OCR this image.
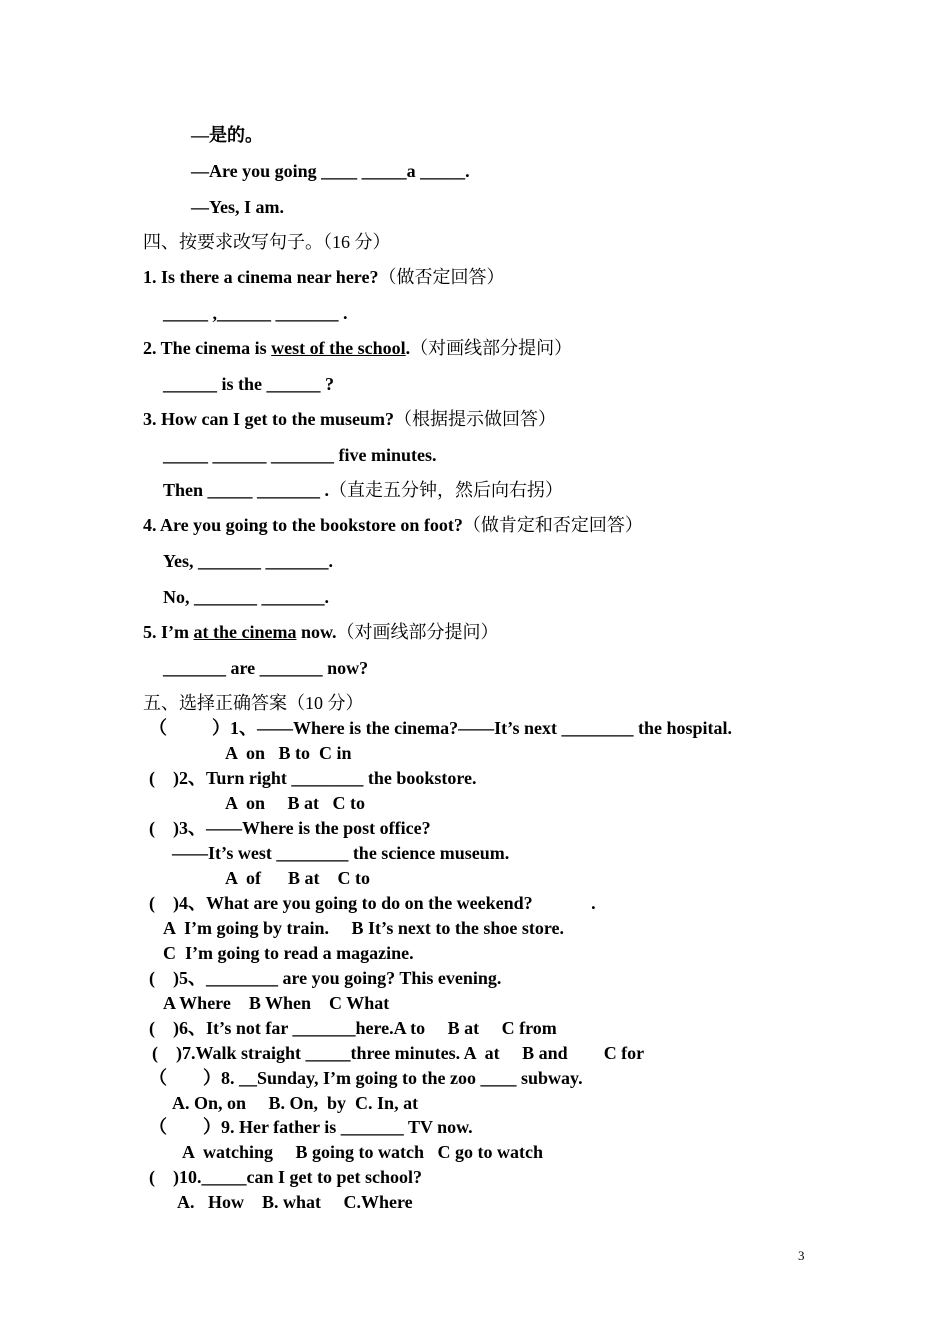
—是的。
—Are you going ____ _____a _____.
—Yes, I am.
四、按要求改写句子。（16 分）
1. Is there a cinema near here?（做否定回答）
_____ ,______ _______ .
2. The cinema is west of the school.（对画线部分提问）
______ is the ______ ?
3. How can I get to the museum?（根据提示做回答）
_____ ______ _______ five minutes.
Then _____ _______ .（直走五分钟，然后向右拐）
4. Are you going to the bookstore on foot?（做肯定和否定回答）
Yes, _______ _______.
No, _______ _______.
5. I’m at the cinema now.（对画线部分提问）
_______ are _______ now?
五、选择正确答案（10 分）
（          ）1、——Where is the cinema?——It’s next ________ the hospital.
A  on   B to  C in
(    )2、Turn right ________ the bookstore.
A  on     B at   C to
(    )3、——Where is the post office?
——It’s west ________ the science museum.
A  of      B at    C to
(    )4、What are you going to do on the weekend?             .
A  I’m going by train.     B It’s next to the shoe store.
C  I’m going to read a magazine.
(    )5、________ are you going? This evening.
A Where    B When    C What
(    )6、It’s not far _______here.A to     B at     C from
(    )7.Walk straight _____three minutes. A  at     B and        C for
（        ）8. __Sunday, I’m going to the zoo ____ subway.
A. On, on     B. On,  by  C. In, at
（        ）9. Her father is _______ TV now.
A  watching     B going to watch   C go to watch
(    )10._____can I get to pet school?
A.   How    B. what     C.Where
3
